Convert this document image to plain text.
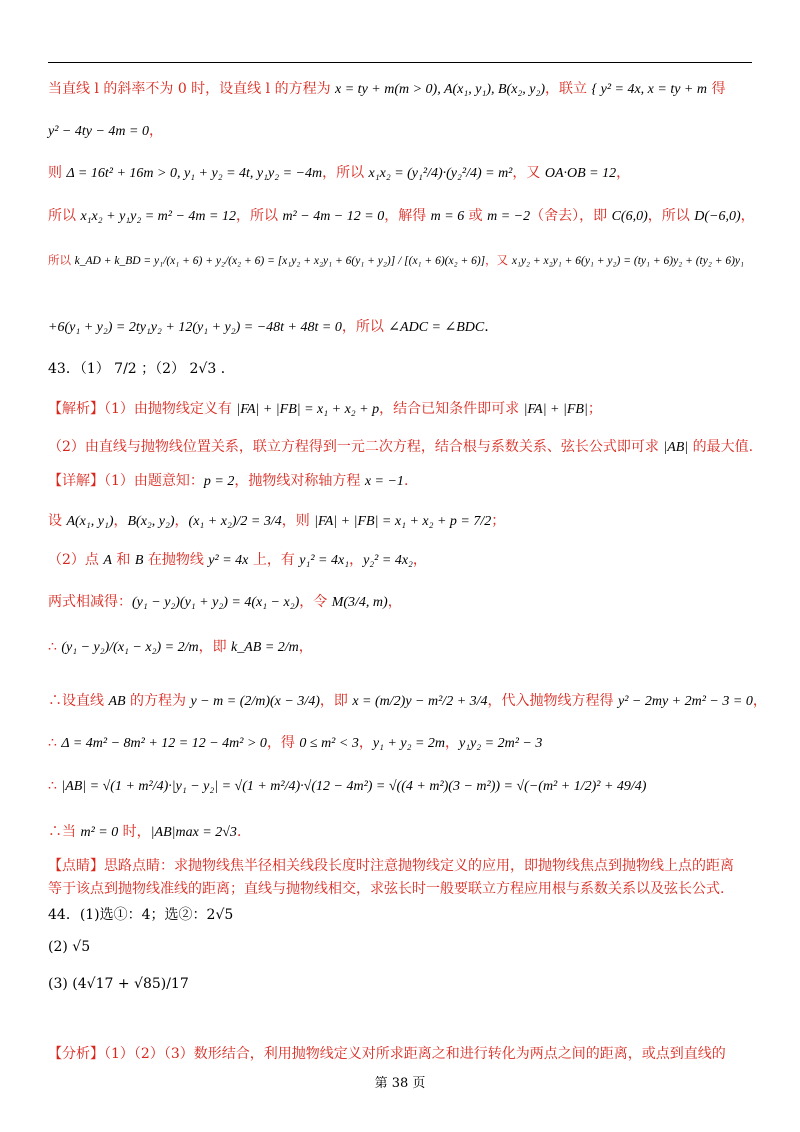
当直线 l 的斜率不为 0 时，设直线 l 的方程为 x = ty + m(m > 0), A(x₁, y₁), B(x₂, y₂)，联立 { y² = 4x, x = ty + m 得
y² − 4ty − 4m = 0，
则 Δ = 16t² + 16m > 0, y₁ + y₂ = 4t, y₁y₂ = −4m，所以 x₁x₂ = (y₁²/4)·(y₂²/4) = m²，又 OA·OB = 12，
所以 x₁x₂ + y₁y₂ = m² − 4m = 12，所以 m² − 4m − 12 = 0，解得 m = 6 或 m = −2（舍去），即 C(6,0)，所以 D(−6,0)，
所以 k_AD + k_BD = y₁/(x₁ + 6) + y₂/(x₂ + 6) = [x₁y₂ + x₂y₁ + 6(y₁ + y₂)] / [(x₁ + 6)(x₂ + 6)]，又 x₁y₂ + x₂y₁ + 6(y₁ + y₂) = (ty₁ + 6)y₂ + (ty₂ + 6)y₁
+6(y₁ + y₂) = 2ty₁y₂ + 12(y₁ + y₂) = −48t + 48t = 0，所以 ∠ADC = ∠BDC.
43．（1） 7/2 ；（2） 2√3 ．
【解析】（1）由抛物线定义有 |FA| + |FB| = x₁ + x₂ + p，结合已知条件即可求 |FA| + |FB|；
（2）由直线与抛物线位置关系，联立方程得到一元二次方程，结合根与系数关系、弦长公式即可求 |AB| 的最大值.
【详解】（1）由题意知：p = 2，抛物线对称轴方程 x = −1.
设 A(x₁, y₁)，B(x₂, y₂)，(x₁ + x₂)/2 = 3/4，则 |FA| + |FB| = x₁ + x₂ + p = 7/2；
（2）点 A 和 B 在抛物线 y² = 4x 上，有 y₁² = 4x₁，y₂² = 4x₂，
两式相减得：(y₁ − y₂)(y₁ + y₂) = 4(x₁ − x₂)，令 M(3/4, m)，
∴ (y₁ − y₂)/(x₁ − x₂) = 2/m，即 k_AB = 2/m，
∴设直线 AB 的方程为 y − m = (2/m)(x − 3/4)，即 x = (m/2)y − m²/2 + 3/4，代入抛物线方程得 y² − 2my + 2m² − 3 = 0，
∴ Δ = 4m² − 8m² + 12 = 12 − 4m² > 0，得 0 ≤ m² < 3，y₁ + y₂ = 2m，y₁y₂ = 2m² − 3
∴ |AB| = √(1 + m²/4)·|y₁ − y₂| = √(1 + m²/4)·√(12 − 4m²) = √((4 + m²)(3 − m²)) = √(−(m² + 1/2)² + 49/4)
∴当 m² = 0 时，|AB|max = 2√3．
【点睛】思路点睛：求抛物线焦半径相关线段长度时注意抛物线定义的应用，即抛物线焦点到抛物线上点的距离
等于该点到抛物线准线的距离；直线与抛物线相交，求弦长时一般要联立方程应用根与系数关系以及弦长公式.
44．(1)选①：4；选②：2√5
(2) √5
(3) (4√17 + √85)/17
【分析】（1）（2）（3）数形结合，利用抛物线定义对所求距离之和进行转化为两点之间的距离，或点到直线的
第 38 页
